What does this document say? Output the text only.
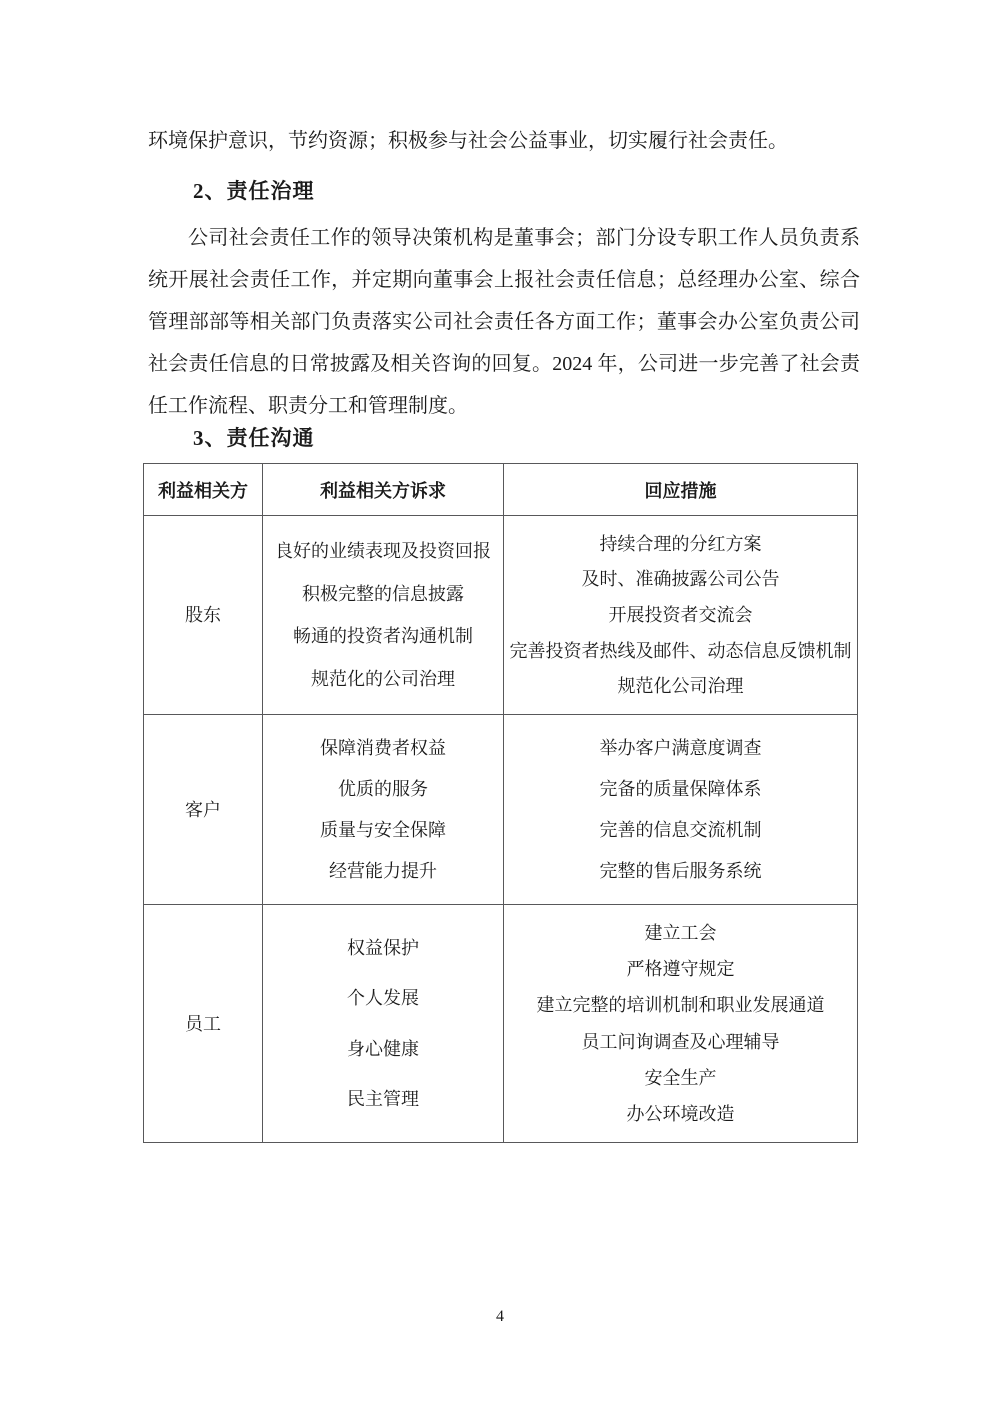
环境保护意识，节约资源；积极参与社会公益事业，切实履行社会责任。
2、责任治理
公司社会责任工作的领导决策机构是董事会；部门分设专职工作人员负责系统开展社会责任工作，并定期向董事会上报社会责任信息；总经理办公室、综合管理部部等相关部门负责落实公司社会责任各方面工作；董事会办公室负责公司社会责任信息的日常披露及相关咨询的回复。2024 年，公司进一步完善了社会责任工作流程、职责分工和管理制度。
3、责任沟通
利益相关方	利益相关方诉求	回应措施
股东
良好的业绩表现及投资回报
积极完整的信息披露
畅通的投资者沟通机制
规范化的公司治理
持续合理的分红方案
及时、准确披露公司公告
开展投资者交流会
完善投资者热线及邮件、动态信息反馈机制
规范化公司治理
客户
保障消费者权益
优质的服务
质量与安全保障
经营能力提升
举办客户满意度调查
完备的质量保障体系
完善的信息交流机制
完整的售后服务系统
员工
权益保护
个人发展
身心健康
民主管理
建立工会
严格遵守规定
建立完整的培训机制和职业发展通道
员工问询调查及心理辅导
安全生产
办公环境改造
4
